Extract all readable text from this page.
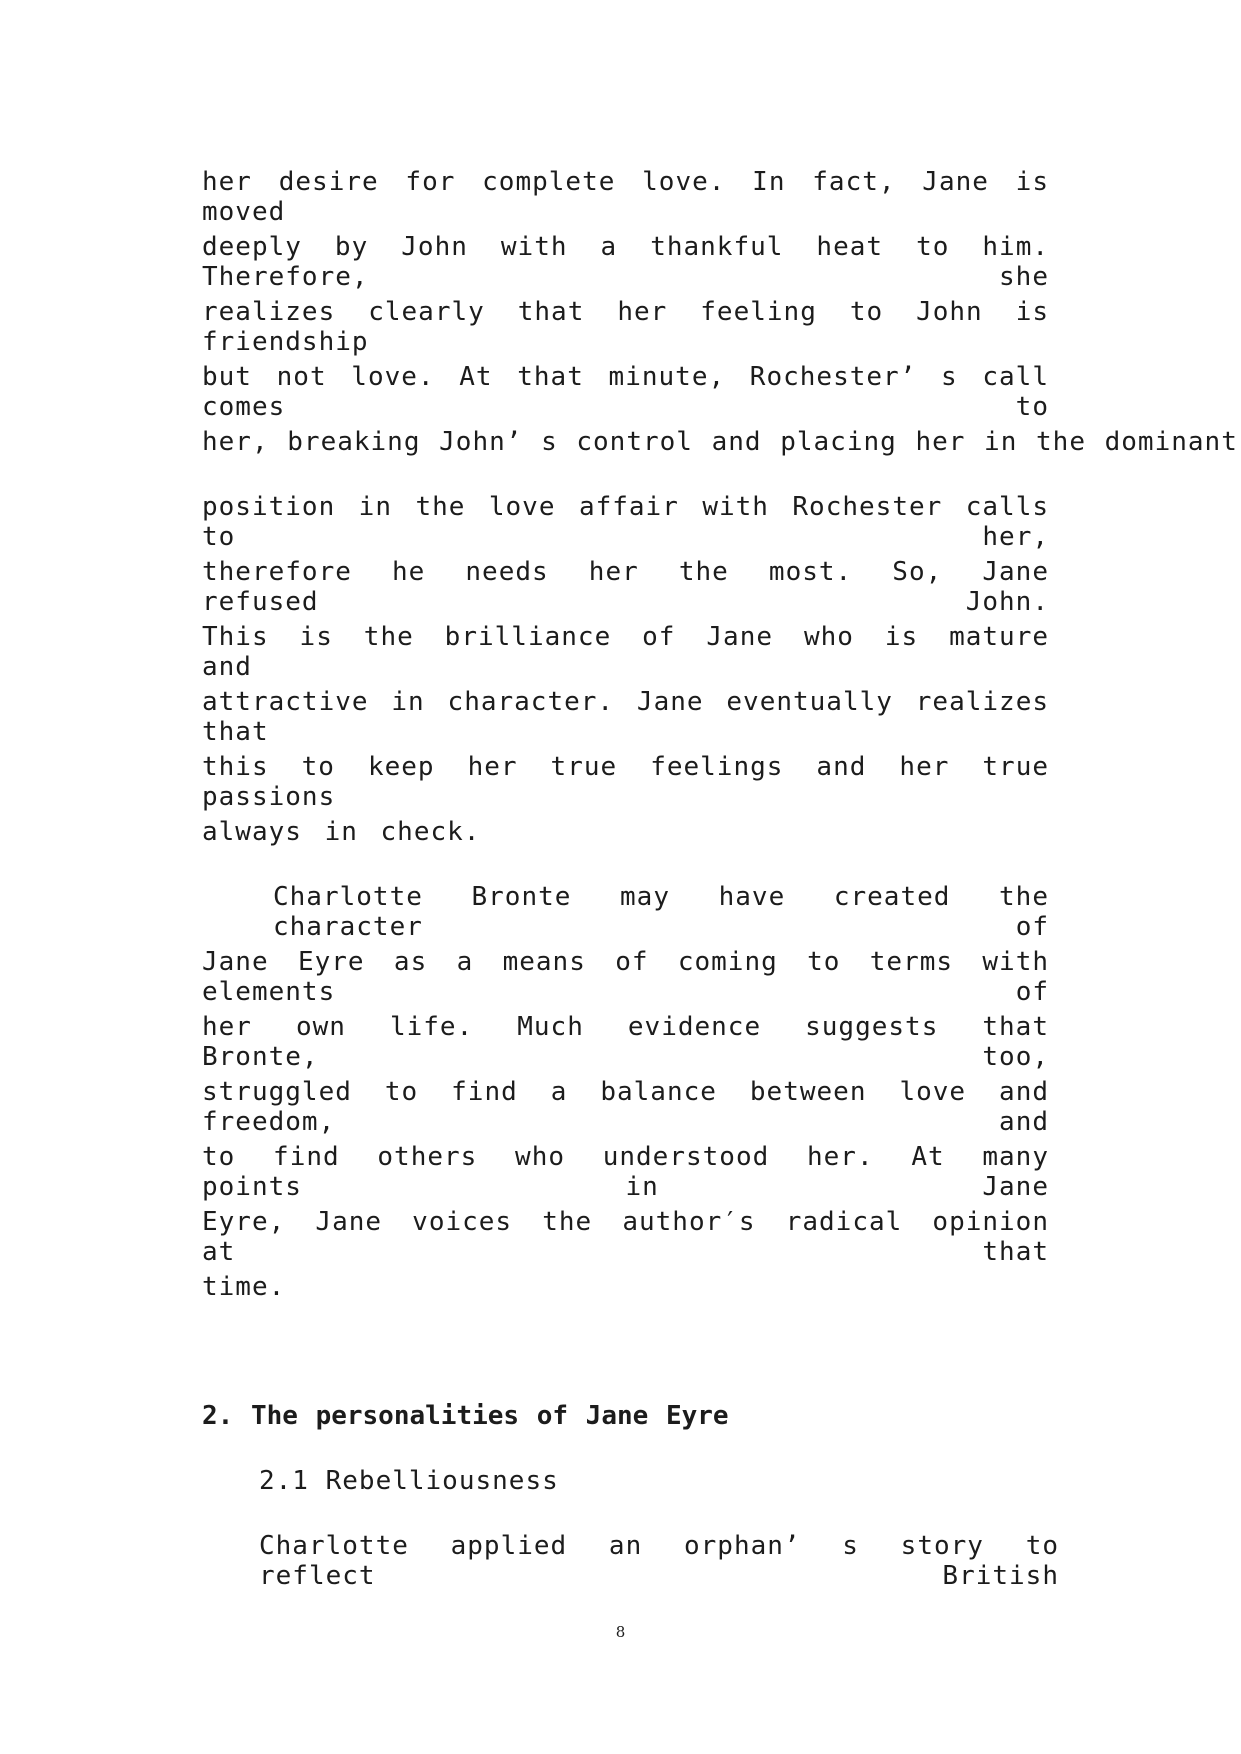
her desire for complete love. In fact, Jane is moved
deeply by John with a thankful heat to him. Therefore, she
realizes clearly that her feeling to John is friendship
but not love. At that minute, Rochester’ s call comes to
her, breaking John’ s control and placing her in the dominant
position in the love affair with Rochester calls to her,
therefore he needs her the most. So, Jane refused John.
This is the brilliance of Jane who is mature and
attractive in character. Jane eventually realizes that
this to keep her true feelings and her true passions
always in check.
Charlotte Bronte may have created the character of
Jane Eyre as a means of coming to terms with elements of
her own life. Much evidence suggests that Bronte, too,
struggled to find a balance between love and freedom, and
to find others who understood her. At many points in Jane
Eyre, Jane voices the author′s radical opinion at that
time.
2. The personalities of Jane Eyre
2.1 Rebelliousness
Charlotte applied an orphan’ s story to reflect British
8
